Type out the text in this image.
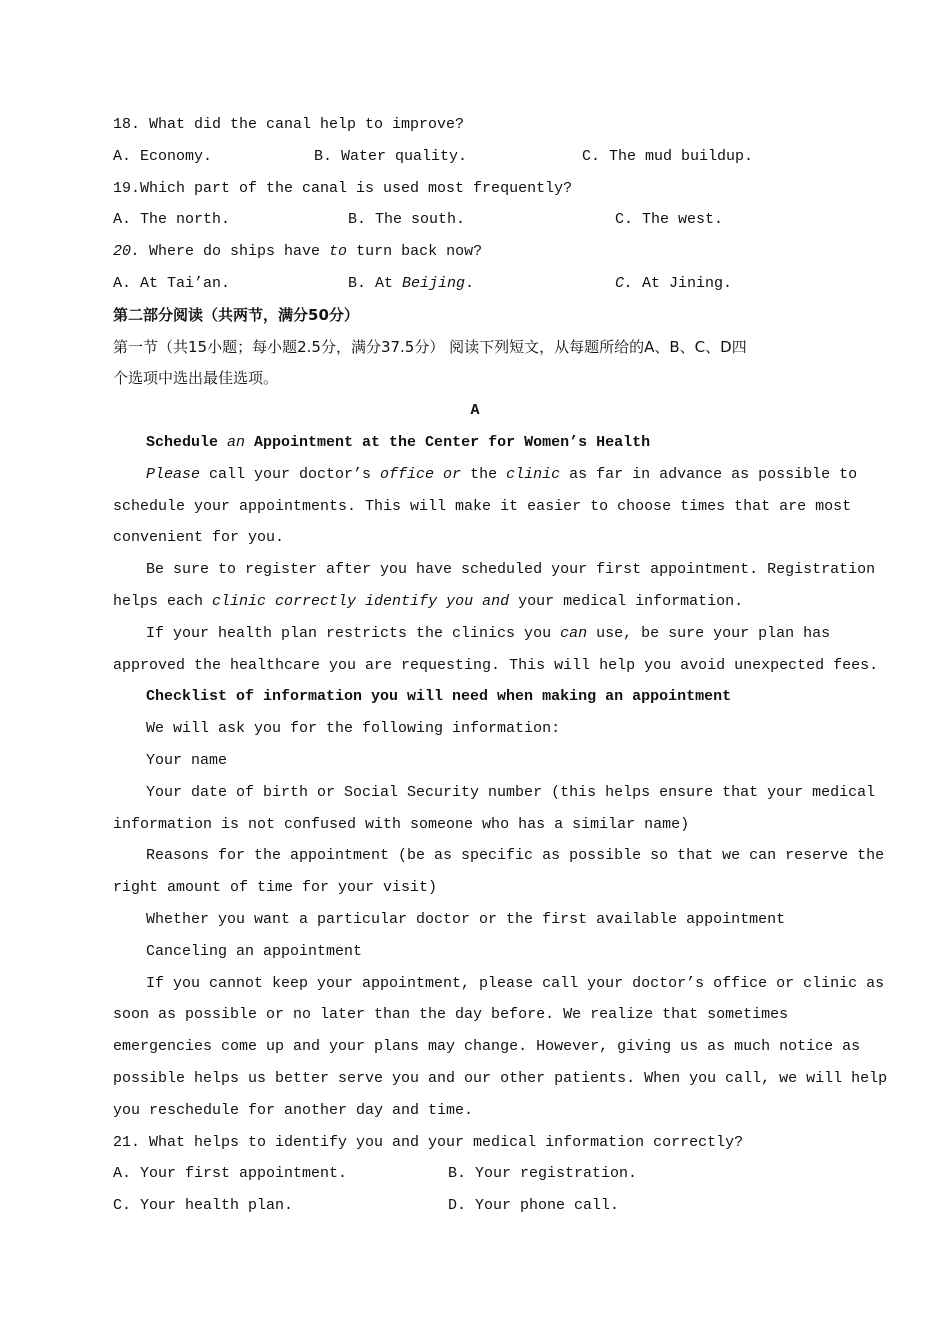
18. What did the canal help to improve?

A. Economy.

	B. Water quality.

	C. The mud buildup.

19.Which part of the canal is used most frequently?

A. The north.

	B. The south.

	C. The west.

20. Where do ships have to turn back now?

A. At Tai’an.

	B. At Beijing.

	C. At Jining.

第二部分阅读（共两节，满分50分）
第一节（共15小题；每小题2.5分，满分37.5分） 阅读下列短文，从每题所给的A、B、C、D四
个选项中选出最佳选项。
A
Schedule an Appointment at the Center for Women’s Health
Please call your doctor’s office or the clinic as far in advance as possible to
schedule your appointments. This will make it easier to choose times that are most
convenient for you.
Be sure to register after you have scheduled your first appointment. Registration
helps each clinic correctly identify you and your medical information.
If your health plan restricts the clinics you can use, be sure your plan has
approved the healthcare you are requesting. This will help you avoid unexpected fees.
Checklist of information you will need when making an appointment
We will ask you for the following information:
Your name
Your date of birth or Social Security number (this helps ensure that your medical
information is not confused with someone who has a similar name)
Reasons for the appointment (be as specific as possible so that we can reserve the
right amount of time for your visit)
Whether you want a particular doctor or the first available appointment
Canceling an appointment
If you cannot keep your appointment, please call your doctor’s office or clinic as
soon as possible or no later than the day before. We realize that sometimes
emergencies come up and your plans may change. However, giving us as much notice as
possible helps us better serve you and our other patients. When you call, we will help
you reschedule for another day and time.
21. What helps to identify you and your medical information correctly?

A. Your first appointment.

	B. Your registration.

C. Your health plan.

	D. Your phone call.
